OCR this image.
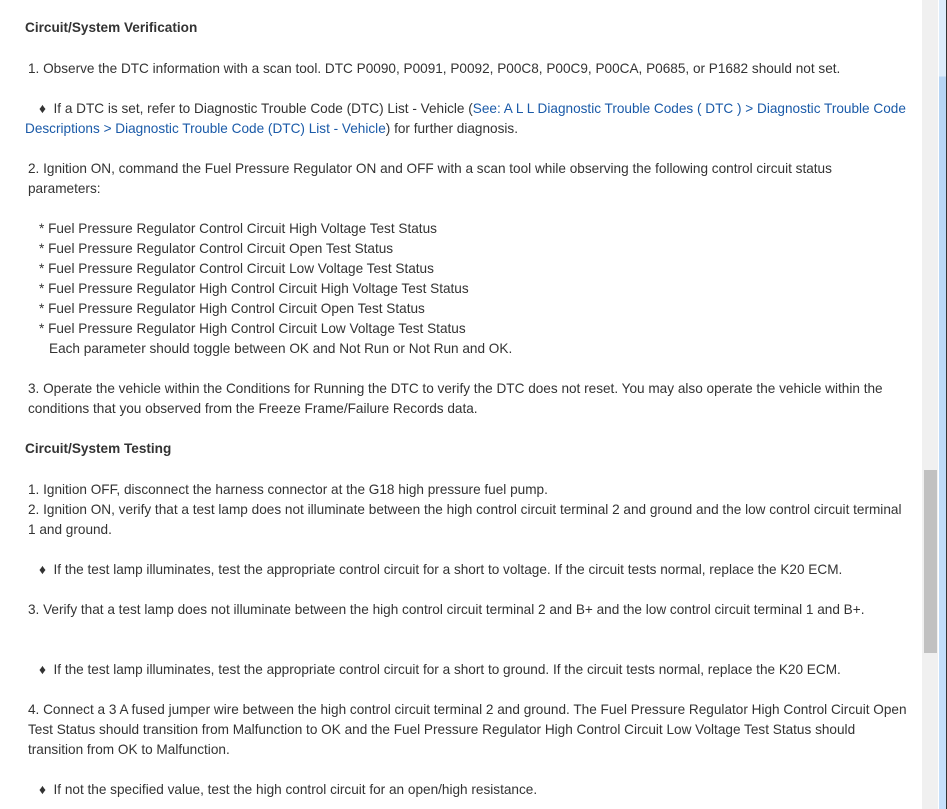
Circuit/System Verification
1. Observe the DTC information with a scan tool. DTC P0090, P0091, P0092, P00C8, P00C9, P00CA, P0685, or P1682 should not set.
♦ If a DTC is set, refer to Diagnostic Trouble Code (DTC) List - Vehicle (See: A L L Diagnostic Trouble Codes ( DTC ) > Diagnostic Trouble Code Descriptions > Diagnostic Trouble Code (DTC) List - Vehicle) for further diagnosis.
2. Ignition ON, command the Fuel Pressure Regulator ON and OFF with a scan tool while observing the following control circuit status parameters:
* Fuel Pressure Regulator Control Circuit High Voltage Test Status
* Fuel Pressure Regulator Control Circuit Open Test Status
* Fuel Pressure Regulator Control Circuit Low Voltage Test Status
* Fuel Pressure Regulator High Control Circuit High Voltage Test Status
* Fuel Pressure Regulator High Control Circuit Open Test Status
* Fuel Pressure Regulator High Control Circuit Low Voltage Test Status
Each parameter should toggle between OK and Not Run or Not Run and OK.
3. Operate the vehicle within the Conditions for Running the DTC to verify the DTC does not reset. You may also operate the vehicle within the conditions that you observed from the Freeze Frame/Failure Records data.
Circuit/System Testing
1. Ignition OFF, disconnect the harness connector at the G18 high pressure fuel pump.
2. Ignition ON, verify that a test lamp does not illuminate between the high control circuit terminal 2 and ground and the low control circuit terminal 1 and ground.
♦ If the test lamp illuminates, test the appropriate control circuit for a short to voltage. If the circuit tests normal, replace the K20 ECM.
3. Verify that a test lamp does not illuminate between the high control circuit terminal 2 and B+ and the low control circuit terminal 1 and B+.
♦ If the test lamp illuminates, test the appropriate control circuit for a short to ground. If the circuit tests normal, replace the K20 ECM.
4. Connect a 3 A fused jumper wire between the high control circuit terminal 2 and ground. The Fuel Pressure Regulator High Control Circuit Open Test Status should transition from Malfunction to OK and the Fuel Pressure Regulator High Control Circuit Low Voltage Test Status should transition from OK to Malfunction.
♦ If not the specified value, test the high control circuit for an open/high resistance.
